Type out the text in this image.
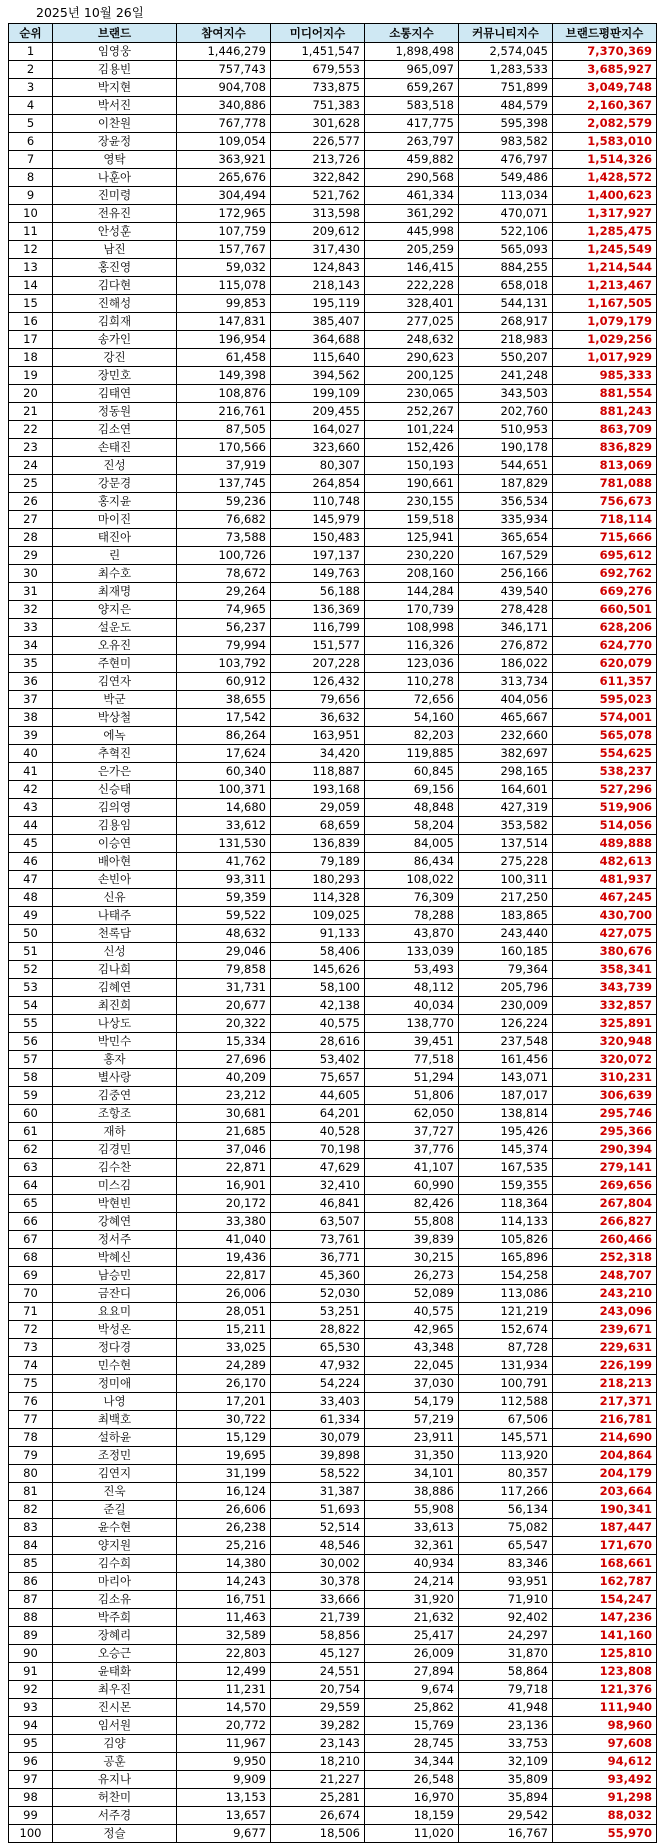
2025년 10월 26일
순위	브랜드	참여지수	미디어지수	소통지수	커뮤니티지수	브랜드평판지수
1	임영웅	1,446,279	1,451,547	1,898,498	2,574,045	7,370,369
2	김용빈	757,743	679,553	965,097	1,283,533	3,685,927
3	박지현	904,708	733,875	659,267	751,899	3,049,748
4	박서진	340,886	751,383	583,518	484,579	2,160,367
5	이찬원	767,778	301,628	417,775	595,398	2,082,579
6	장윤정	109,054	226,577	263,797	983,582	1,583,010
7	영탁	363,921	213,726	459,882	476,797	1,514,326
8	나훈아	265,676	322,842	290,568	549,486	1,428,572
9	진미령	304,494	521,762	461,334	113,034	1,400,623
10	전유진	172,965	313,598	361,292	470,071	1,317,927
11	안성훈	107,759	209,612	445,998	522,106	1,285,475
12	남진	157,767	317,430	205,259	565,093	1,245,549
13	홍진영	59,032	124,843	146,415	884,255	1,214,544
14	김다현	115,078	218,143	222,228	658,018	1,213,467
15	진해성	99,853	195,119	328,401	544,131	1,167,505
16	김희재	147,831	385,407	277,025	268,917	1,079,179
17	송가인	196,954	364,688	248,632	218,983	1,029,256
18	강진	61,458	115,640	290,623	550,207	1,017,929
19	장민호	149,398	394,562	200,125	241,248	985,333
20	김태연	108,876	199,109	230,065	343,503	881,554
21	정동원	216,761	209,455	252,267	202,760	881,243
22	김소연	87,505	164,027	101,224	510,953	863,709
23	손태진	170,566	323,660	152,426	190,178	836,829
24	진성	37,919	80,307	150,193	544,651	813,069
25	강문경	137,745	264,854	190,661	187,829	781,088
26	홍지윤	59,236	110,748	230,155	356,534	756,673
27	마이진	76,682	145,979	159,518	335,934	718,114
28	태진아	73,588	150,483	125,941	365,654	715,666
29	린	100,726	197,137	230,220	167,529	695,612
30	최수호	78,672	149,763	208,160	256,166	692,762
31	최재명	29,264	56,188	144,284	439,540	669,276
32	양지은	74,965	136,369	170,739	278,428	660,501
33	설운도	56,237	116,799	108,998	346,171	628,206
34	오유진	79,994	151,577	116,326	276,872	624,770
35	주현미	103,792	207,228	123,036	186,022	620,079
36	김연자	60,912	126,432	110,278	313,734	611,357
37	박군	38,655	79,656	72,656	404,056	595,023
38	박상철	17,542	36,632	54,160	465,667	574,001
39	에녹	86,264	163,951	82,203	232,660	565,078
40	추혁진	17,624	34,420	119,885	382,697	554,625
41	은가은	60,340	118,887	60,845	298,165	538,237
42	신승태	100,371	193,168	69,156	164,601	527,296
43	김의영	14,680	29,059	48,848	427,319	519,906
44	김용임	33,612	68,659	58,204	353,582	514,056
45	이승연	131,530	136,839	84,005	137,514	489,888
46	배아현	41,762	79,189	86,434	275,228	482,613
47	손빈아	93,311	180,293	108,022	100,311	481,937
48	신유	59,359	114,328	76,309	217,250	467,245
49	나태주	59,522	109,025	78,288	183,865	430,700
50	천록담	48,632	91,133	43,870	243,440	427,075
51	신성	29,046	58,406	133,039	160,185	380,676
52	김나희	79,858	145,626	53,493	79,364	358,341
53	김혜연	31,731	58,100	48,112	205,796	343,739
54	최진희	20,677	42,138	40,034	230,009	332,857
55	나상도	20,322	40,575	138,770	126,224	325,891
56	박민수	15,334	28,616	39,451	237,548	320,948
57	홍자	27,696	53,402	77,518	161,456	320,072
58	별사랑	40,209	75,657	51,294	143,071	310,231
59	김중연	23,212	44,605	51,806	187,017	306,639
60	조항조	30,681	64,201	62,050	138,814	295,746
61	재하	21,685	40,528	37,727	195,426	295,366
62	김경민	37,046	70,198	37,776	145,374	290,394
63	김수찬	22,871	47,629	41,107	167,535	279,141
64	미스김	16,901	32,410	60,990	159,355	269,656
65	박현빈	20,172	46,841	82,426	118,364	267,804
66	강혜연	33,380	63,507	55,808	114,133	266,827
67	정서주	41,040	73,761	39,839	105,826	260,466
68	박혜신	19,436	36,771	30,215	165,896	252,318
69	남승민	22,817	45,360	26,273	154,258	248,707
70	금잔디	26,006	52,030	52,089	113,086	243,210
71	요요미	28,051	53,251	40,575	121,219	243,096
72	박성온	15,211	28,822	42,965	152,674	239,671
73	정다경	33,025	65,530	43,348	87,728	229,631
74	민수현	24,289	47,932	22,045	131,934	226,199
75	정미애	26,170	54,224	37,030	100,791	218,213
76	나영	17,201	33,403	54,179	112,588	217,371
77	최백호	30,722	61,334	57,219	67,506	216,781
78	설하윤	15,129	30,079	23,911	145,571	214,690
79	조정민	19,695	39,898	31,350	113,920	204,864
80	김연지	31,199	58,522	34,101	80,357	204,179
81	진욱	16,124	31,387	38,886	117,266	203,664
82	준길	26,606	51,693	55,908	56,134	190,341
83	윤수현	26,238	52,514	33,613	75,082	187,447
84	양지원	25,216	48,546	32,361	65,547	171,670
85	김수희	14,380	30,002	40,934	83,346	168,661
86	마리아	14,243	30,378	24,214	93,951	162,787
87	김소유	16,751	33,666	31,920	71,910	154,247
88	박주희	11,463	21,739	21,632	92,402	147,236
89	장혜리	32,589	58,856	25,417	24,297	141,160
90	오승근	22,803	45,127	26,009	31,870	125,810
91	윤태화	12,499	24,551	27,894	58,864	123,808
92	최우진	11,231	20,754	9,674	79,718	121,376
93	진시몬	14,570	29,559	25,862	41,948	111,940
94	임서원	20,772	39,282	15,769	23,136	98,960
95	김양	11,967	23,143	28,745	33,753	97,608
96	공훈	9,950	18,210	34,344	32,109	94,612
97	유지나	9,909	21,227	26,548	35,809	93,492
98	허찬미	13,153	25,281	16,970	35,894	91,298
99	서주경	13,657	26,674	18,159	29,542	88,032
100	정슬	9,677	18,506	11,020	16,767	55,970
